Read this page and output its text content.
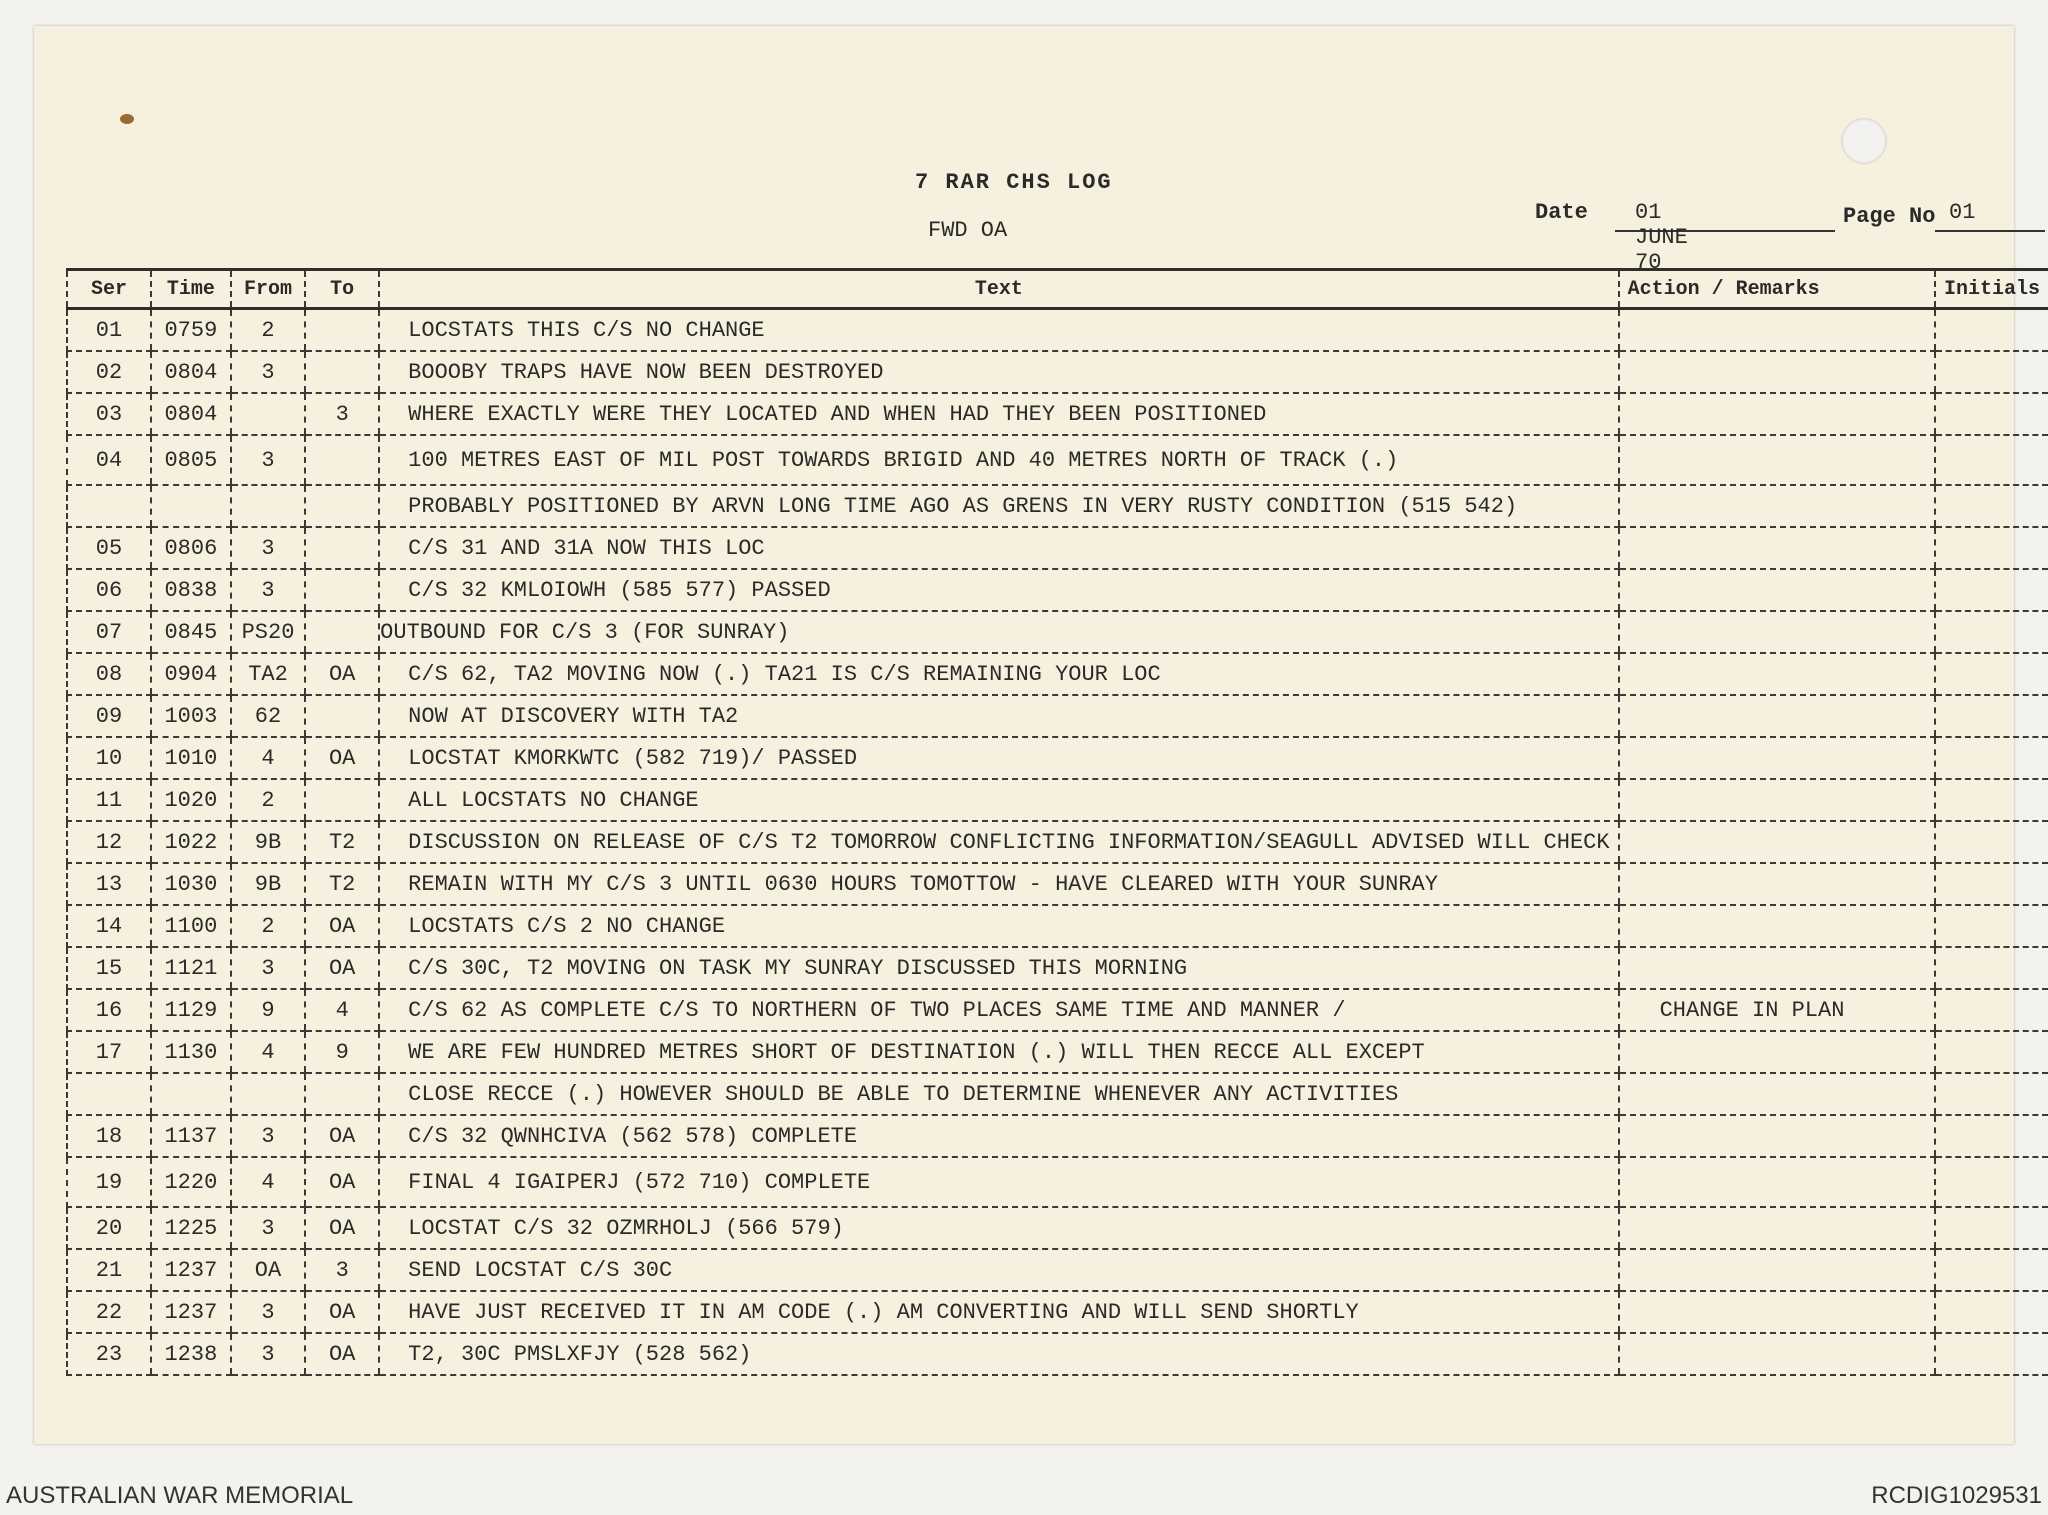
7 RAR CHS LOG
FWD OA
Date 01 JUNE 70
Page No 01
Ser	Time	From	To	Text	Action / Remarks	Initials
01	0759	2		LOCSTATS THIS C/S NO CHANGE		
02	0804	3		BOOOBY TRAPS HAVE NOW BEEN DESTROYED		
03	0804		3	WHERE EXACTLY WERE THEY LOCATED AND WHEN HAD THEY BEEN POSITIONED		
04	0805	3		100 METRES EAST OF MIL POST TOWARDS BRIGID AND 40 METRES NORTH OF TRACK (.)		
				PROBABLY POSITIONED BY ARVN LONG TIME AGO AS GRENS IN VERY RUSTY CONDITION (515 542)		
05	0806	3		C/S 31 AND 31A NOW THIS LOC		
06	0838	3		C/S 32 KMLOIOWH (585 577) PASSED		
07	0845	PS20		OUTBOUND FOR C/S 3 (FOR SUNRAY)		
08	0904	TA2	OA	C/S 62, TA2 MOVING NOW (.) TA21 IS C/S REMAINING YOUR LOC		
09	1003	62		NOW AT DISCOVERY WITH TA2		
10	1010	4	OA	LOCSTAT KMORKWTC (582 719)/ PASSED		
11	1020	2		ALL LOCSTATS NO CHANGE		
12	1022	9B	T2	DISCUSSION ON RELEASE OF C/S T2 TOMORROW CONFLICTING INFORMATION/SEAGULL ADVISED WILL CHECK		
13	1030	9B	T2	REMAIN WITH MY C/S 3 UNTIL 0630 HOURS TOMOTTOW - HAVE CLEARED WITH YOUR SUNRAY		
14	1100	2	OA	LOCSTATS C/S 2 NO CHANGE		
15	1121	3	OA	C/S 30C, T2 MOVING ON TASK MY SUNRAY DISCUSSED THIS MORNING		
16	1129	9	4	C/S 62 AS COMPLETE C/S TO NORTHERN OF TWO PLACES SAME TIME AND MANNER /	CHANGE IN PLAN	
17	1130	4	9	WE ARE FEW HUNDRED METRES SHORT OF DESTINATION (.) WILL THEN RECCE ALL EXCEPT		
				CLOSE RECCE (.) HOWEVER SHOULD BE ABLE TO DETERMINE WHENEVER ANY ACTIVITIES		
18	1137	3	OA	C/S 32 QWNHCIVA (562 578) COMPLETE		
19	1220	4	OA	FINAL 4 IGAIPERJ (572 710) COMPLETE		
20	1225	3	OA	LOCSTAT C/S 32 OZMRHOLJ (566 579)		
21	1237	OA	3	SEND LOCSTAT C/S 30C		
22	1237	3	OA	HAVE JUST RECEIVED IT IN AM CODE (.) AM CONVERTING AND WILL SEND SHORTLY		
23	1238	3	OA	T2, 30C PMSLXFJY (528 562)		
AUSTRALIAN WAR MEMORIAL	RCDIG1029531
